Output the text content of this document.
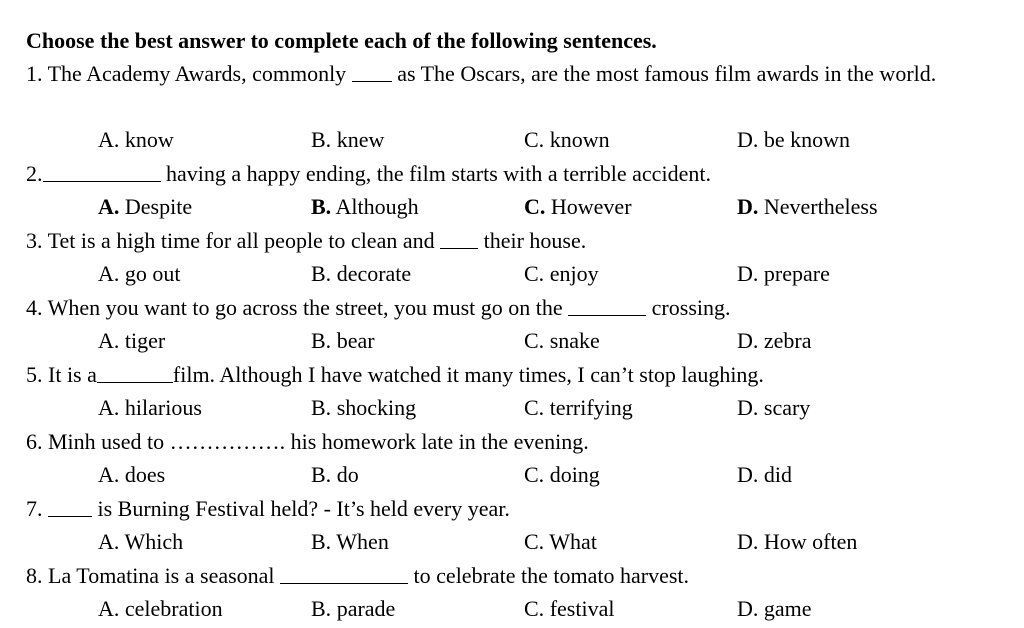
Choose the best answer to complete each of the following sentences.
1. The Academy Awards, commonly  as The Oscars, are the most famous film awards in the world.
A. know	B. knew	C. known	D. be known
2.	having a happy ending, the film starts with a terrible accident.
A. Despite	B. Although	C. However	D. Nevertheless
3. Tet is a high time for all people to clean and  their house.
A. go out	B. decorate	C. enjoy	D. prepare
4. When you want to go across the street, you must go on the	crossing.
A. tiger	B. bear	C. snake	D. zebra
5. It is a	film. Although I have watched it many times, I can’t stop laughing.
A. hilarious	B. shocking	C. terrifying	D. scary
6. Minh used to ……………. his homework late in the evening.
A. does	B. do	C. doing	D. did
7.  is Burning Festival held? - It’s held every year.
A. Which	B. When	C. What	D. How often
8. La Tomatina is a seasonal	to celebrate the tomato harvest.
A. celebration	B. parade	C. festival	D. game
